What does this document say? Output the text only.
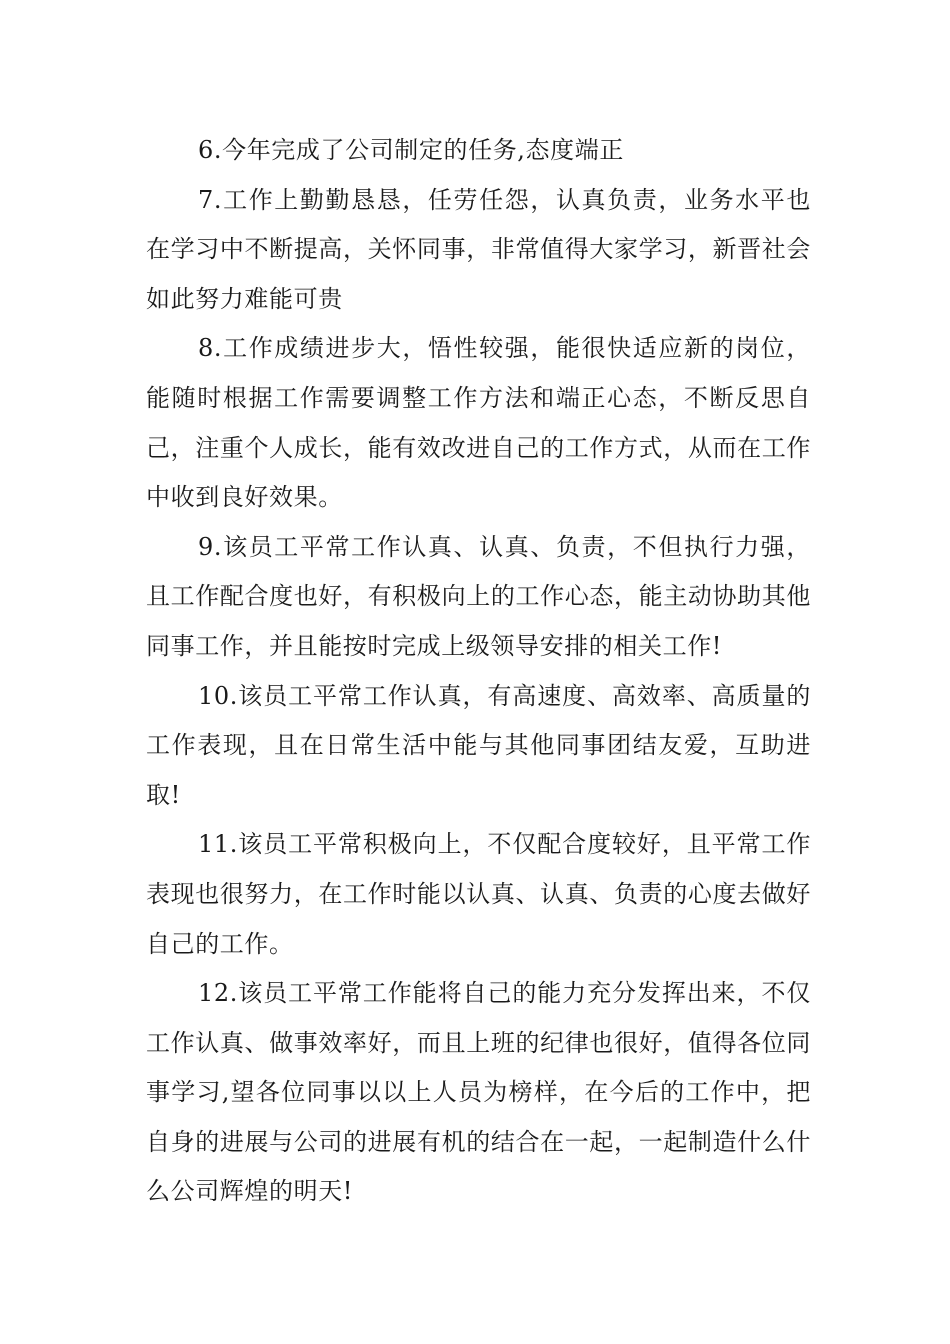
6.今年完成了公司制定的任务,态度端正

7.工作上勤勤恳恳，任劳任怨，认真负责，业务水平也在学习中不断提高，关怀同事，非常值得大家学习，新晋社会如此努力难能可贵

8.工作成绩进步大，悟性较强，能很快适应新的岗位，能随时根据工作需要调整工作方法和端正心态，不断反思自己，注重个人成长，能有效改进自己的工作方式，从而在工作中收到良好效果。

9.该员工平常工作认真、认真、负责，不但执行力强，且工作配合度也好，有积极向上的工作心态，能主动协助其他同事工作，并且能按时完成上级领导安排的相关工作!

10.该员工平常工作认真，有高速度、高效率、高质量的工作表现，且在日常生活中能与其他同事团结友爱，互助进取!

11.该员工平常积极向上，不仅配合度较好，且平常工作表现也很努力，在工作时能以认真、认真、负责的心度去做好自己的工作。

12.该员工平常工作能将自己的能力充分发挥出来，不仅工作认真、做事效率好，而且上班的纪律也很好，值得各位同事学习,望各位同事以以上人员为榜样，在今后的工作中，把自身的进展与公司的进展有机的结合在一起，一起制造什么什么公司辉煌的明天!
